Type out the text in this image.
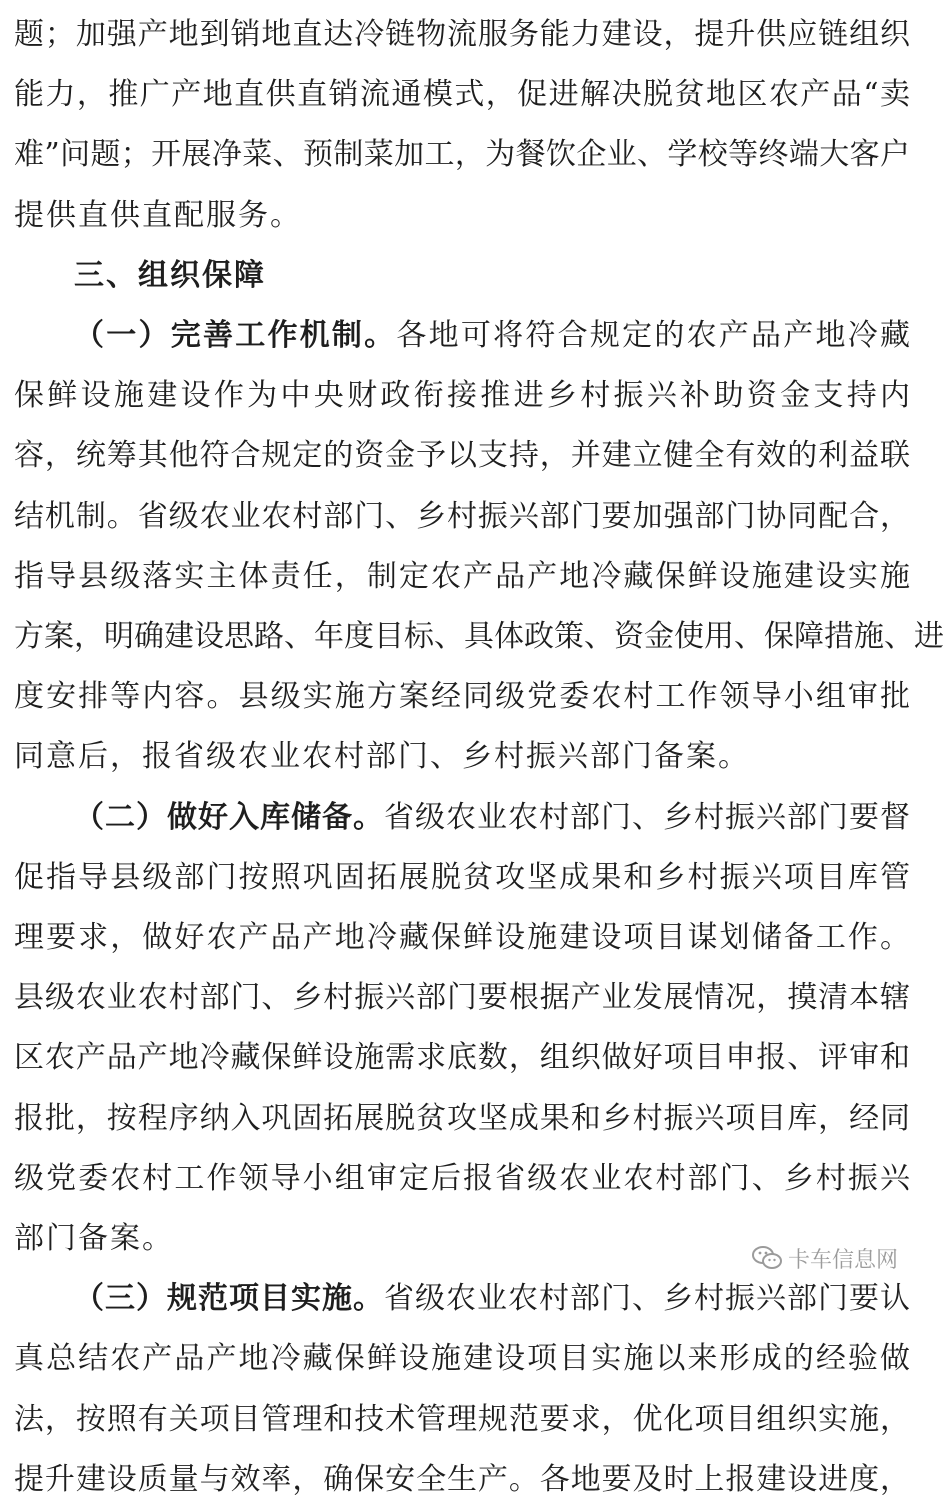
题；加强产地到销地直达冷链物流服务能力建设，提升供应链组织
能力，推广产地直供直销流通模式，促进解决脱贫地区农产品“卖
难”问题；开展净菜、预制菜加工，为餐饮企业、学校等终端大客户
提供直供直配服务。
三、组织保障
（一）完善工作机制。各地可将符合规定的农产品产地冷藏
保鲜设施建设作为中央财政衔接推进乡村振兴补助资金支持内
容，统筹其他符合规定的资金予以支持，并建立健全有效的利益联
结机制。省级农业农村部门、乡村振兴部门要加强部门协同配合，
指导县级落实主体责任，制定农产品产地冷藏保鲜设施建设实施
方案，明确建设思路、年度目标、具体政策、资金使用、保障措施、进
度安排等内容。县级实施方案经同级党委农村工作领导小组审批
同意后，报省级农业农村部门、乡村振兴部门备案。
（二）做好入库储备。省级农业农村部门、乡村振兴部门要督
促指导县级部门按照巩固拓展脱贫攻坚成果和乡村振兴项目库管
理要求，做好农产品产地冷藏保鲜设施建设项目谋划储备工作。
县级农业农村部门、乡村振兴部门要根据产业发展情况，摸清本辖
区农产品产地冷藏保鲜设施需求底数，组织做好项目申报、评审和
报批，按程序纳入巩固拓展脱贫攻坚成果和乡村振兴项目库，经同
级党委农村工作领导小组审定后报省级农业农村部门、乡村振兴
部门备案。
（三）规范项目实施。省级农业农村部门、乡村振兴部门要认
真总结农产品产地冷藏保鲜设施建设项目实施以来形成的经验做
法，按照有关项目管理和技术管理规范要求，优化项目组织实施，
提升建设质量与效率，确保安全生产。各地要及时上报建设进度，
卡车信息网
